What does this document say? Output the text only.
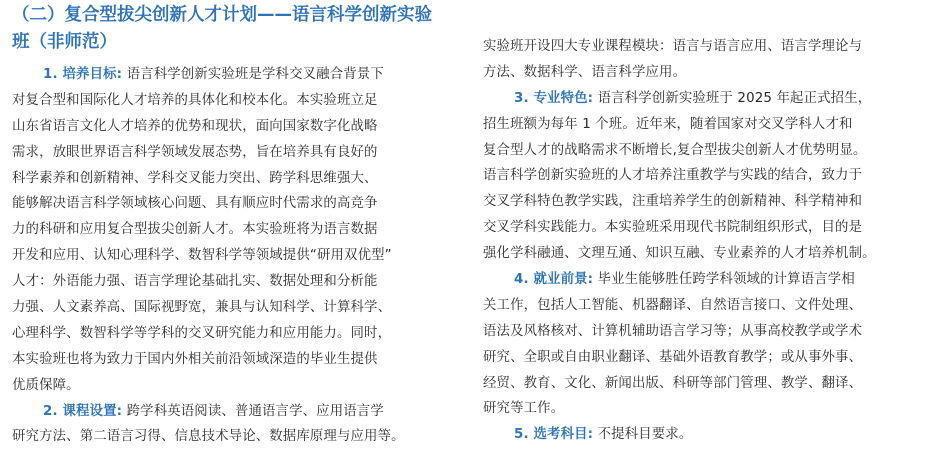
（二）复合型拔尖创新人才计划——语言科学创新实验
班（非师范）
1. 培养目标: 语言科学创新实验班是学科交叉融合背景下
对复合型和国际化人才培养的具体化和校本化。本实验班立足
山东省语言文化人才培养的优势和现状，面向国家数字化战略
需求，放眼世界语言科学领域发展态势，旨在培养具有良好的
科学素养和创新精神、学科交叉能力突出、跨学科思维强大、
能够解决语言科学领域核心问题、具有顺应时代需求的高竞争
力的科研和应用复合型拔尖创新人才。本实验班将为语言数据
开发和应用、认知心理科学、数智科学等领域提供“研用双优型”
人才：外语能力强、语言学理论基础扎实、数据处理和分析能
力强、人文素养高、国际视野宽，兼具与认知科学、计算科学、
心理科学、数智科学等学科的交叉研究能力和应用能力。同时，
本实验班也将为致力于国内外相关前沿领域深造的毕业生提供
优质保障。
2. 课程设置: 跨学科英语阅读、普通语言学、应用语言学
研究方法、第二语言习得、信息技术导论、数据库原理与应用等。
实验班开设四大专业课程模块：语言与语言应用、语言学理论与
方法、数据科学、语言科学应用。
3. 专业特色: 语言科学创新实验班于 2025 年起正式招生，
招生班额为每年 1 个班。近年来，随着国家对交叉学科人才和
复合型人才的战略需求不断增长,复合型拔尖创新人才优势明显。
语言科学创新实验班的人才培养注重教学与实践的结合，致力于
交叉学科特色教学实践，注重培养学生的创新精神、科学精神和
交叉学科实践能力。本实验班采用现代书院制组织形式，目的是
强化学科融通、文理互通、知识互融、专业素养的人才培养机制。
4. 就业前景: 毕业生能够胜任跨学科领域的计算语言学相
关工作，包括人工智能、机器翻译、自然语言接口、文件处理、
语法及风格核对、计算机辅助语言学习等；从事高校教学或学术
研究、全职或自由职业翻译、基础外语教育教学；或从事外事、
经贸、教育、文化、新闻出版、科研等部门管理、教学、翻译、
研究等工作。
5. 选考科目: 不提科目要求。
